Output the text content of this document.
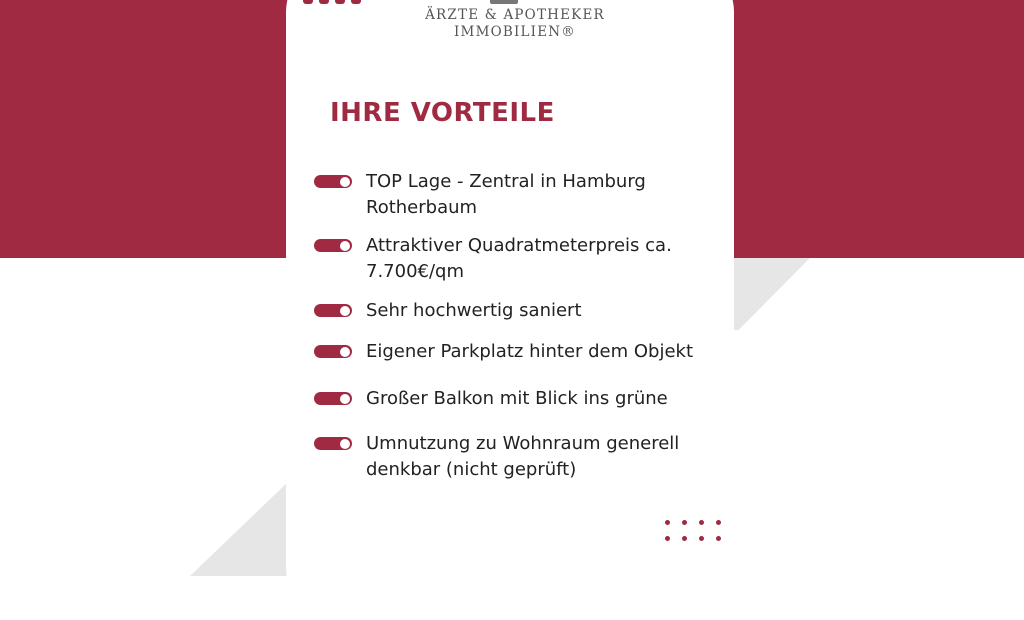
ÄRZTE & APOTHEKER
IMMOBILIEN®
IHRE VORTEILE
TOP Lage - Zentral in Hamburg Rotherbaum
Attraktiver Quadratmeterpreis ca. 7.700€/qm
Sehr hochwertig saniert
Eigener Parkplatz hinter dem Objekt
Großer Balkon mit Blick ins grüne
Umnutzung zu Wohnraum generell denkbar (nicht geprüft)
